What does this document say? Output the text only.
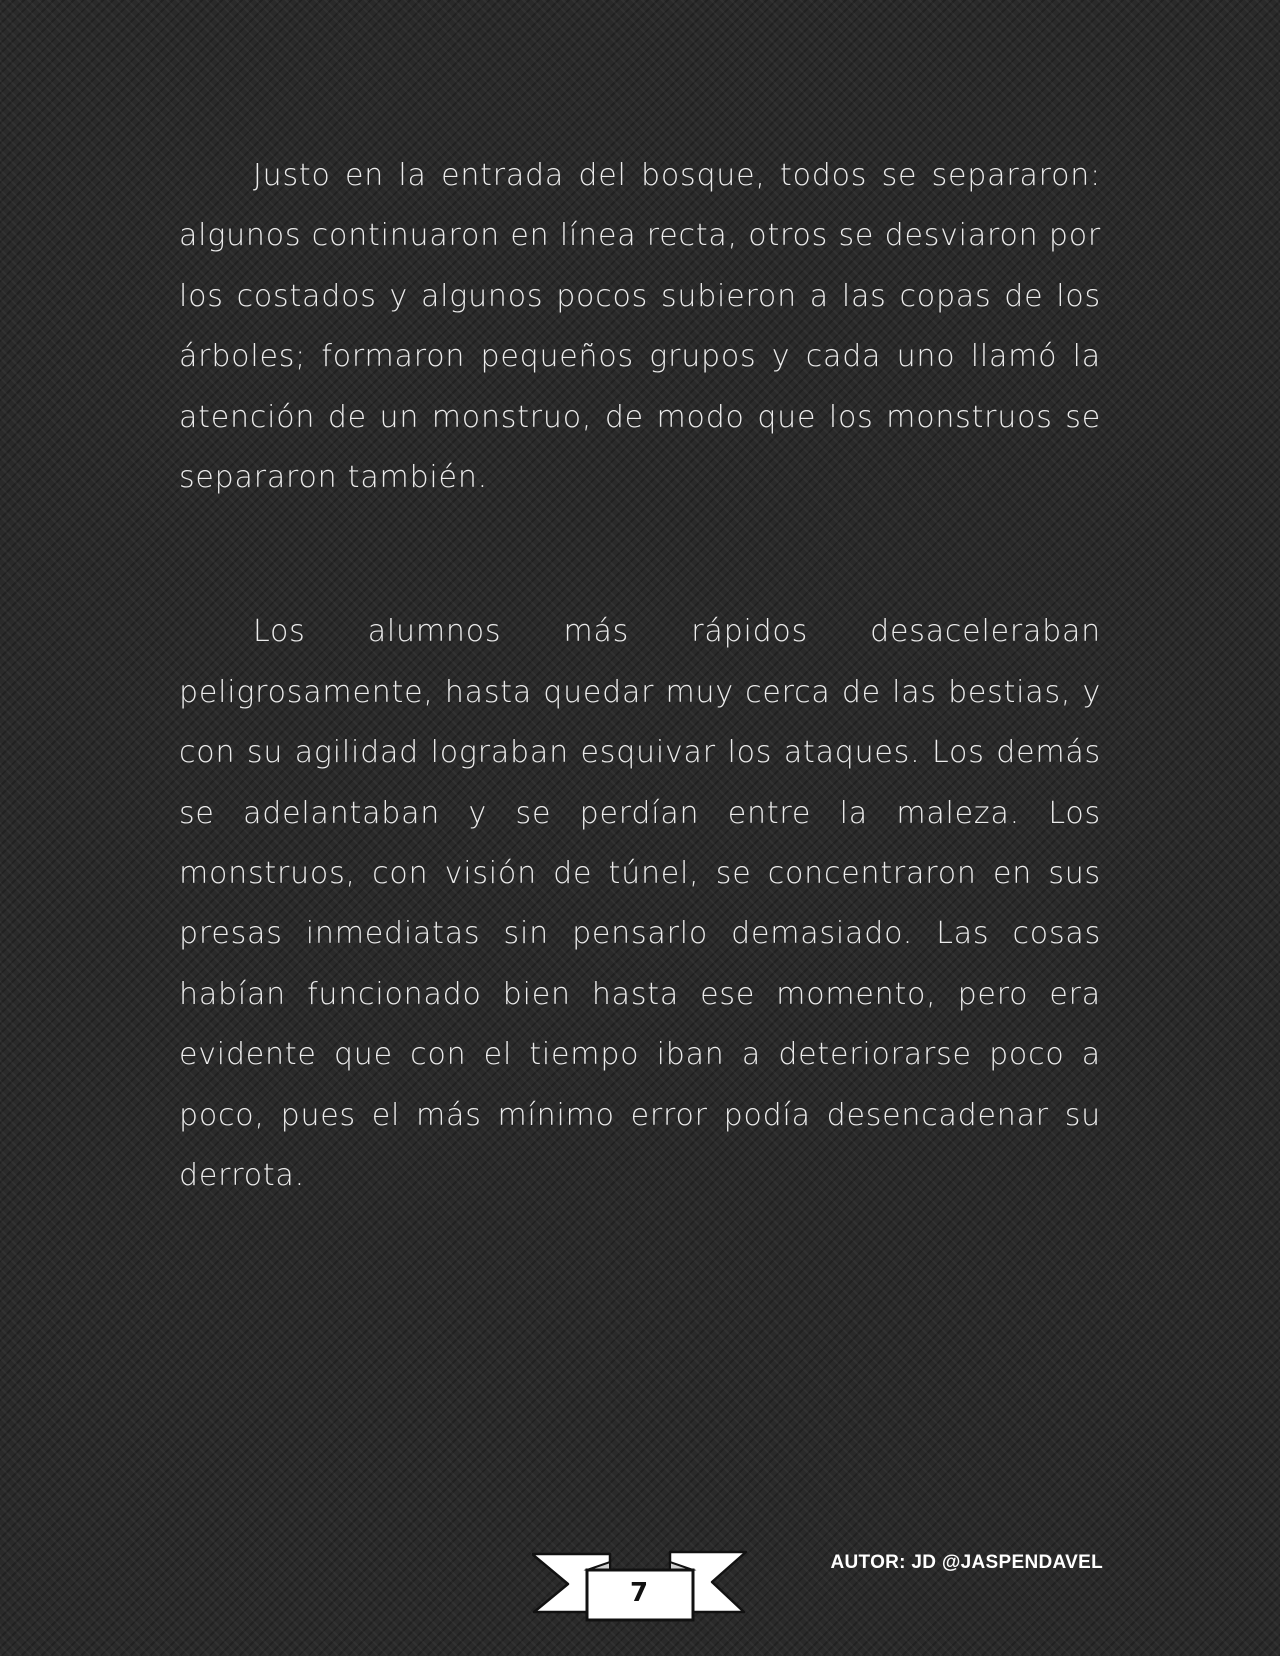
Justo en la entrada del bosque, todos se separaron: algunos continuaron en línea recta, otros se desviaron por los costados y algunos pocos subieron a las copas de los árboles; formaron pequeños grupos y cada uno llamó la atención de un monstruo, de modo que los monstruos se separaron también.

Los alumnos más rápidos desaceleraban peligrosamente, hasta quedar muy cerca de las bestias, y con su agilidad lograban esquivar los ataques. Los demás se adelantaban y se perdían entre la maleza. Los monstruos, con visión de túnel, se concentraron en sus presas inmediatas sin pensarlo demasiado. Las cosas habían funcionado bien hasta ese momento, pero era evidente que con el tiempo iban a deteriorarse poco a poco, pues el más mínimo error podía desencadenar su derrota.

7
AUTOR: JD @JASPENDAVEL
